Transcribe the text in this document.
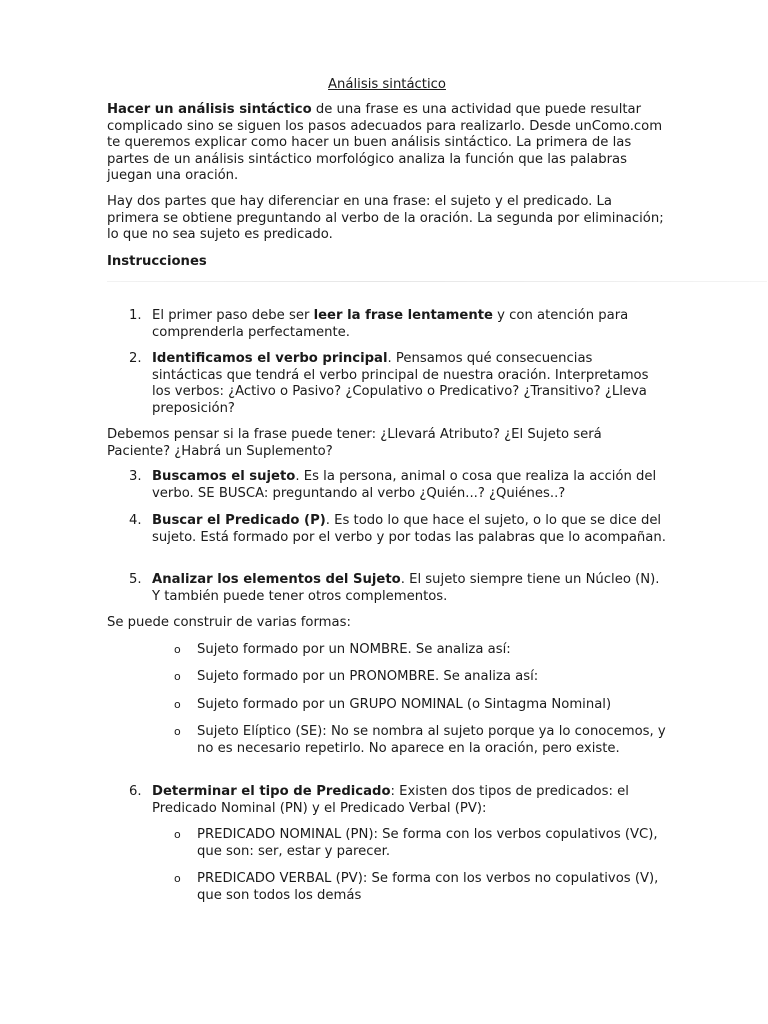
Análisis sintáctico

Hacer un análisis sintáctico de una frase es una actividad que puede resultar complicado sino se siguen los pasos adecuados para realizarlo. Desde unComo.com te queremos explicar como hacer un buen análisis sintáctico. La primera de las partes de un análisis sintáctico morfológico analiza la función que las palabras juegan una oración.

Hay dos partes que hay diferenciar en una frase: el sujeto y el predicado. La primera se obtiene preguntando al verbo de la oración. La segunda por eliminación; lo que no sea sujeto es predicado.

Instrucciones

1. El primer paso debe ser leer la frase lentamente y con atención para comprenderla perfectamente.

2. Identificamos el verbo principal. Pensamos qué consecuencias sintácticas que tendrá el verbo principal de nuestra oración. Interpretamos los verbos: ¿Activo o Pasivo? ¿Copulativo o Predicativo? ¿Transitivo? ¿Lleva preposición?

Debemos pensar si la frase puede tener: ¿Llevará Atributo? ¿El Sujeto será Paciente? ¿Habrá un Suplemento?

3. Buscamos el sujeto. Es la persona, animal o cosa que realiza la acción del verbo. SE BUSCA: preguntando al verbo ¿Quién...? ¿Quiénes..?

4. Buscar el Predicado (P). Es todo lo que hace el sujeto, o lo que se dice del sujeto. Está formado por el verbo y por todas las palabras que lo acompañan.

5. Analizar los elementos del Sujeto. El sujeto siempre tiene un Núcleo (N). Y también puede tener otros complementos.

Se puede construir de varias formas:

o Sujeto formado por un NOMBRE. Se analiza así:

o Sujeto formado por un PRONOMBRE. Se analiza así:

o Sujeto formado por un GRUPO NOMINAL (o Sintagma Nominal)

o Sujeto Elíptico (SE): No se nombra al sujeto porque ya lo conocemos, y no es necesario repetirlo. No aparece en la oración, pero existe.

6. Determinar el tipo de Predicado: Existen dos tipos de predicados: el Predicado Nominal (PN) y el Predicado Verbal (PV):

o PREDICADO NOMINAL (PN): Se forma con los verbos copulativos (VC), que son: ser, estar y parecer.

o PREDICADO VERBAL (PV): Se forma con los verbos no copulativos (V), que son todos los demás
